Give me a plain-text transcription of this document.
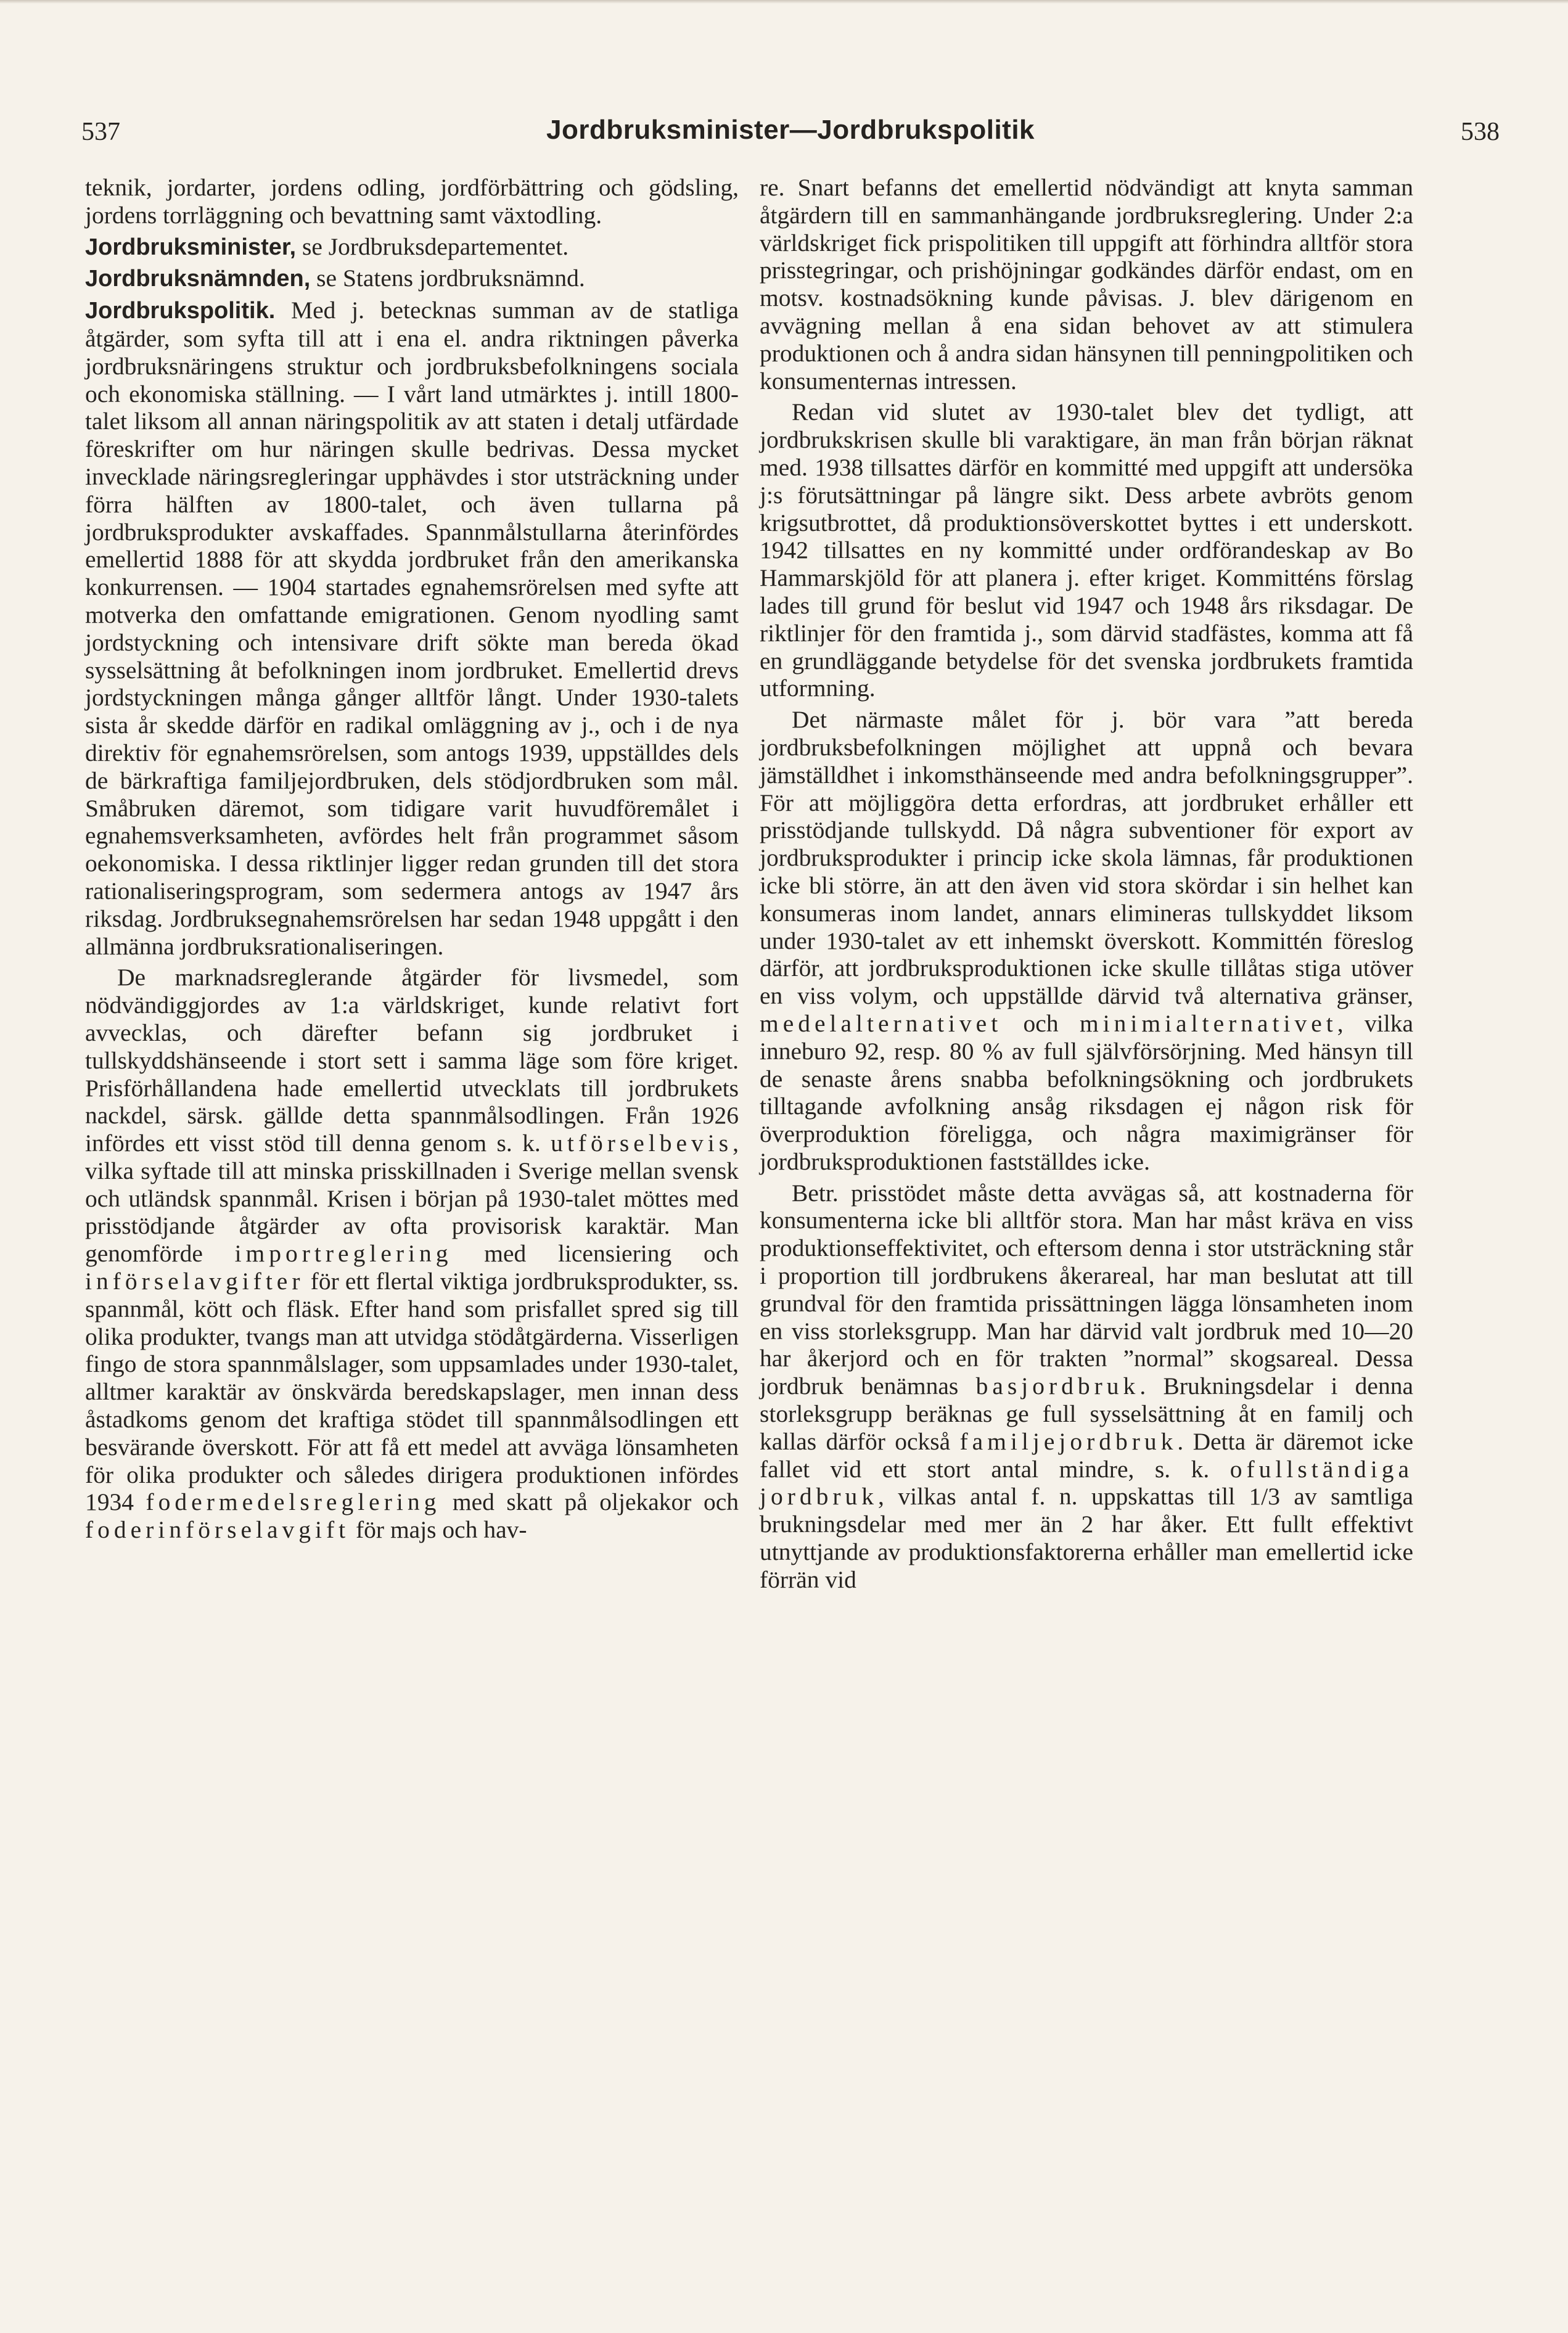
537	Jordbruksminister—Jordbrukspolitik	538

teknik, jordarter, jordens odling, jordförbättring och gödsling, jordens torrläggning och bevattning samt växtodling.

Jordbruksminister, se Jordbruksdepartementet.

Jordbruksnämnden, se Statens jordbruksnämnd.

Jordbrukspolitik. Med j. betecknas summan av de statliga åtgärder, som syfta till att i ena el. andra riktningen påverka jordbruksnäringens struktur och jordbruksbefolkningens sociala och ekonomiska ställning. — I vårt land utmärktes j. intill 1800-talet liksom all annan näringspolitik av att staten i detalj utfärdade föreskrifter om hur näringen skulle bedrivas. Dessa mycket invecklade näringsregleringar upphävdes i stor utsträckning under förra hälften av 1800-talet, och även tullarna på jordbruksprodukter avskaffades. Spannmålstullarna återinfördes emellertid 1888 för att skydda jordbruket från den amerikanska konkurrensen. — 1904 startades egnahemsrörelsen med syfte att motverka den omfattande emigrationen. Genom nyodling samt jordstyckning och intensivare drift sökte man bereda ökad sysselsättning åt befolkningen inom jordbruket. Emellertid drevs jordstyckningen många gånger alltför långt. Under 1930-talets sista år skedde därför en radikal omläggning av j., och i de nya direktiv för egnahemsrörelsen, som antogs 1939, uppställdes dels de bärkraftiga familjejordbruken, dels stödjordbruken som mål. Småbruken däremot, som tidigare varit huvudföremålet i egnahemsverksamheten, avfördes helt från programmet såsom oekonomiska. I dessa riktlinjer ligger redan grunden till det stora rationaliseringsprogram, som sedermera antogs av 1947 års riksdag. Jordbruksegnahemsrörelsen har sedan 1948 uppgått i den allmänna jordbruksrationaliseringen.

De marknadsreglerande åtgärder för livsmedel, som nödvändiggjordes av 1:a världskriget, kunde relativt fort avvecklas, och därefter befann sig jordbruket i tullskyddshänseende i stort sett i samma läge som före kriget. Prisförhållandena hade emellertid utvecklats till jordbrukets nackdel, särsk. gällde detta spannmålsodlingen. Från 1926 infördes ett visst stöd till denna genom s. k. utförselbevis, vilka syftade till att minska prisskillnaden i Sverige mellan svensk och utländsk spannmål. Krisen i början på 1930-talet möttes med prisstödjande åtgärder av ofta provisorisk karaktär. Man genomförde importreglering med licensiering och införselavgifter för ett flertal viktiga jordbruksprodukter, ss. spannmål, kött och fläsk. Efter hand som prisfallet spred sig till olika produkter, tvangs man att utvidga stödåtgärderna. Visserligen fingo de stora spannmålslager, som uppsamlades under 1930-talet, alltmer karaktär av önskvärda beredskapslager, men innan dess åstadkoms genom det kraftiga stödet till spannmålsodlingen ett besvärande överskott. För att få ett medel att avväga lönsamheten för olika produkter och således dirigera produktionen infördes 1934 fodermedelsreglering med skatt på oljekakor och foderinförselavgift för majs och hav-

re. Snart befanns det emellertid nödvändigt att knyta samman åtgärdern till en sammanhängande jordbruksreglering. Under 2:a världskriget fick prispolitiken till uppgift att förhindra alltför stora prisstegringar, och prishöjningar godkändes därför endast, om en motsv. kostnadsökning kunde påvisas. J. blev därigenom en avvägning mellan å ena sidan behovet av att stimulera produktionen och å andra sidan hänsynen till penningpolitiken och konsumenternas intressen.

Redan vid slutet av 1930-talet blev det tydligt, att jordbrukskrisen skulle bli varaktigare, än man från början räknat med. 1938 tillsattes därför en kommitté med uppgift att undersöka j:s förutsättningar på längre sikt. Dess arbete avbröts genom krigsutbrottet, då produktionsöverskottet byttes i ett underskott. 1942 tillsattes en ny kommitté under ordförandeskap av Bo Hammarskjöld för att planera j. efter kriget. Kommitténs förslag lades till grund för beslut vid 1947 och 1948 års riksdagar. De riktlinjer för den framtida j., som därvid stadfästes, komma att få en grundläggande betydelse för det svenska jordbrukets framtida utformning.

Det närmaste målet för j. bör vara ”att bereda jordbruksbefolkningen möjlighet att uppnå och bevara jämställdhet i inkomsthänseende med andra befolkningsgrupper”. För att möjliggöra detta erfordras, att jordbruket erhåller ett prisstödjande tullskydd. Då några subventioner för export av jordbruksprodukter i princip icke skola lämnas, får produktionen icke bli större, än att den även vid stora skördar i sin helhet kan konsumeras inom landet, annars elimineras tullskyddet liksom under 1930-talet av ett inhemskt överskott. Kommittén föreslog därför, att jordbruksproduktionen icke skulle tillåtas stiga utöver en viss volym, och uppställde därvid två alternativa gränser, medelalternativet och minimialternativet, vilka inneburo 92, resp. 80 % av full självförsörjning. Med hänsyn till de senaste årens snabba befolkningsökning och jordbrukets tilltagande avfolkning ansåg riksdagen ej någon risk för överproduktion föreligga, och några maximigränser för jordbruksproduktionen fastställdes icke.

Betr. prisstödet måste detta avvägas så, att kostnaderna för konsumenterna icke bli alltför stora. Man har måst kräva en viss produktionseffektivitet, och eftersom denna i stor utsträckning står i proportion till jordbrukens åkerareal, har man beslutat att till grundval för den framtida prissättningen lägga lönsamheten inom en viss storleksgrupp. Man har därvid valt jordbruk med 10—20 har åkerjord och en för trakten ”normal” skogsareal. Dessa jordbruk benämnas basjordbruk. Brukningsdelar i denna storleksgrupp beräknas ge full sysselsättning åt en familj och kallas därför också familjejordbruk. Detta är däremot icke fallet vid ett stort antal mindre, s. k. ofullständiga jordbruk, vilkas antal f. n. uppskattas till 1/3 av samtliga brukningsdelar med mer än 2 har åker. Ett fullt effektivt utnyttjande av produktionsfaktorerna erhåller man emellertid icke förrän vid
